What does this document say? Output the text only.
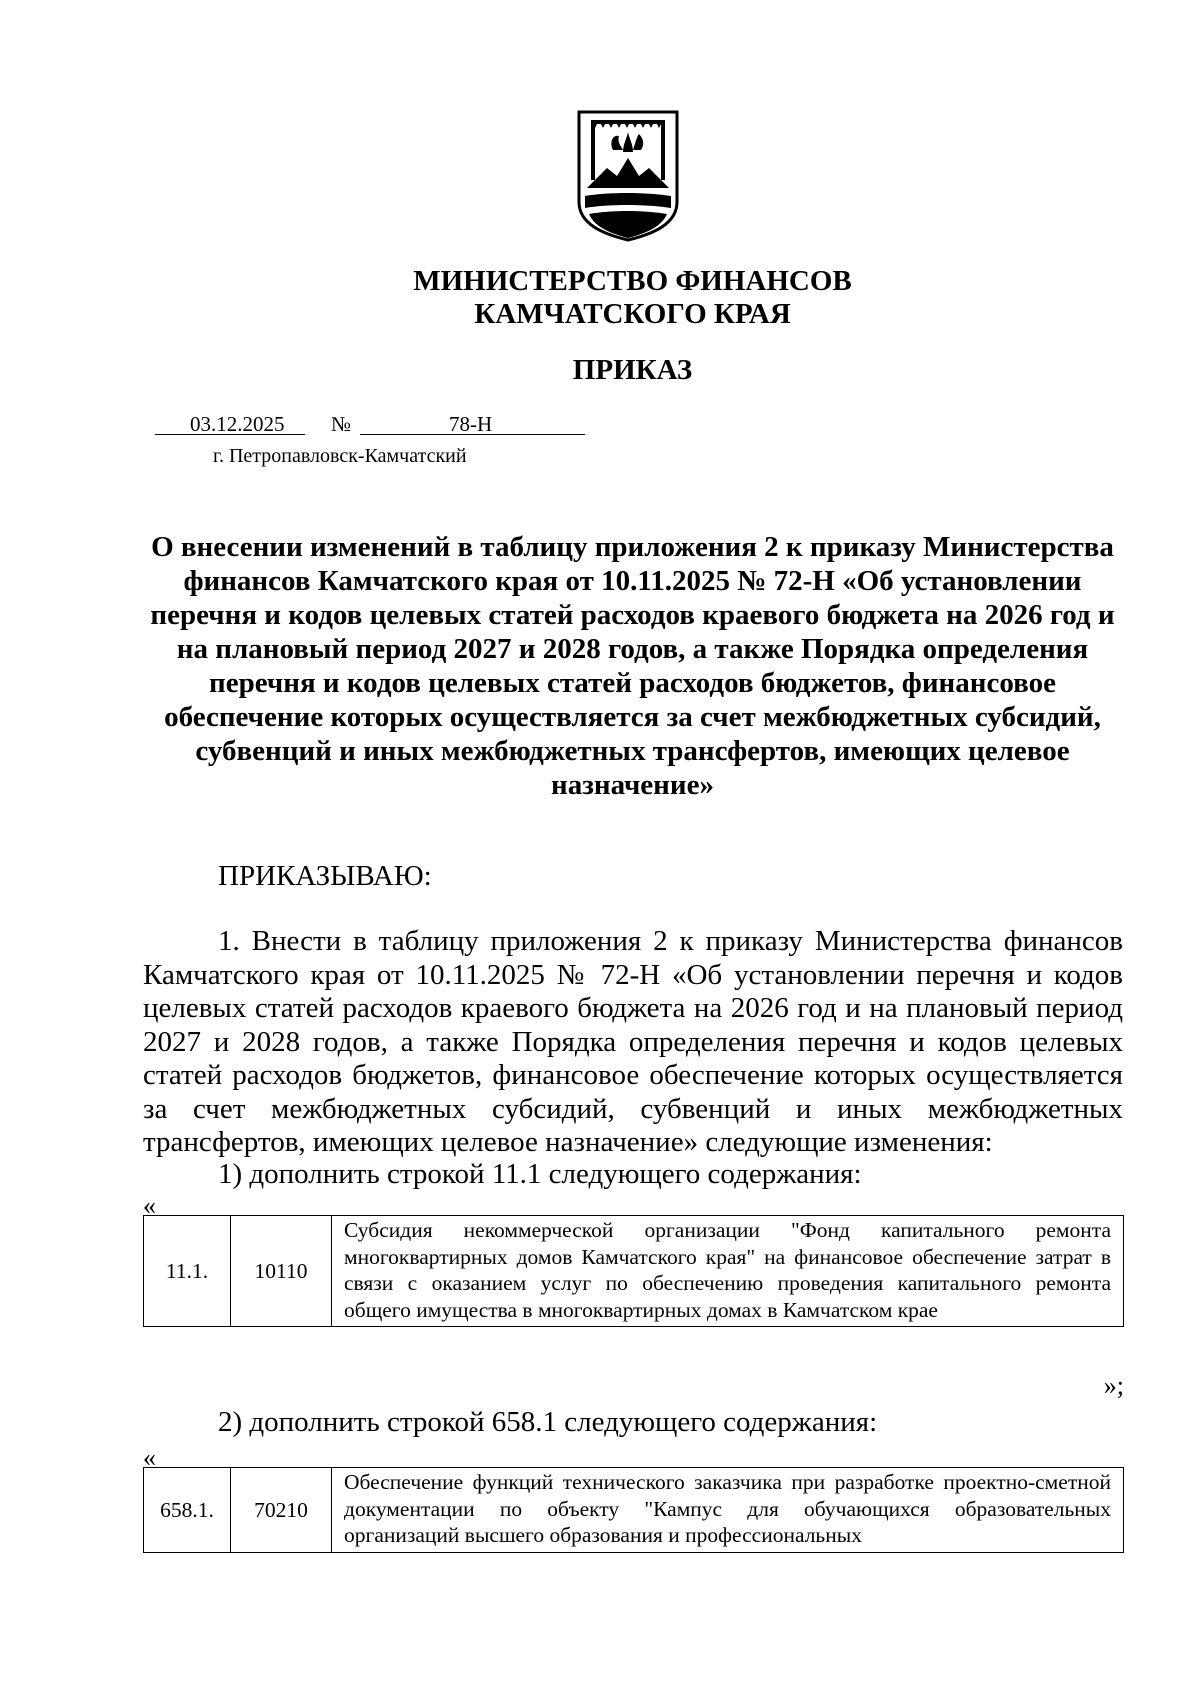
МИНИСТЕРСТВО ФИНАНСОВ
КАМЧАТСКОГО КРАЯ
ПРИКАЗ
03.12.2025 №	78-Н
г. Петропавловск-Камчатский
О внесении изменений в таблицу приложения 2 к приказу Министерства финансов Камчатского края от 10.11.2025 № 72-Н «Об установлении перечня и кодов целевых статей расходов краевого бюджета на 2026 год и на плановый период 2027 и 2028 годов, а также Порядка определения перечня и кодов целевых статей расходов бюджетов, финансовое обеспечение которых осуществляется за счет межбюджетных субсидий, субвенций и иных межбюджетных трансфертов, имеющих целевое назначение»
ПРИКАЗЫВАЮ:
1. Внести в таблицу приложения 2 к приказу Министерства финансов Камчатского края от 10.11.2025 № 72-Н «Об установлении перечня и кодов целевых статей расходов краевого бюджета на 2026 год и на плановый период 2027 и 2028 годов, а также Порядка определения перечня и кодов целевых статей расходов бюджетов, финансовое обеспечение которых осуществляется за счет межбюджетных субсидий, субвенций и иных межбюджетных трансфертов, имеющих целевое назначение» следующие изменения:
1) дополнить строкой 11.1 следующего содержания:
«
11.1.	10110	Субсидия некоммерческой организации "Фонд капитального ремонта многоквартирных домов Камчатского края" на финансовое обеспечение затрат в связи с оказанием услуг по обеспечению проведения капитального ремонта общего имущества в многоквартирных домах в Камчатском крае
»;
2) дополнить строкой 658.1 следующего содержания:
«
658.1.	70210	Обеспечение функций технического заказчика при разработке проектно-сметной документации по объекту "Кампус для обучающихся образовательных организаций высшего образования и профессиональных
